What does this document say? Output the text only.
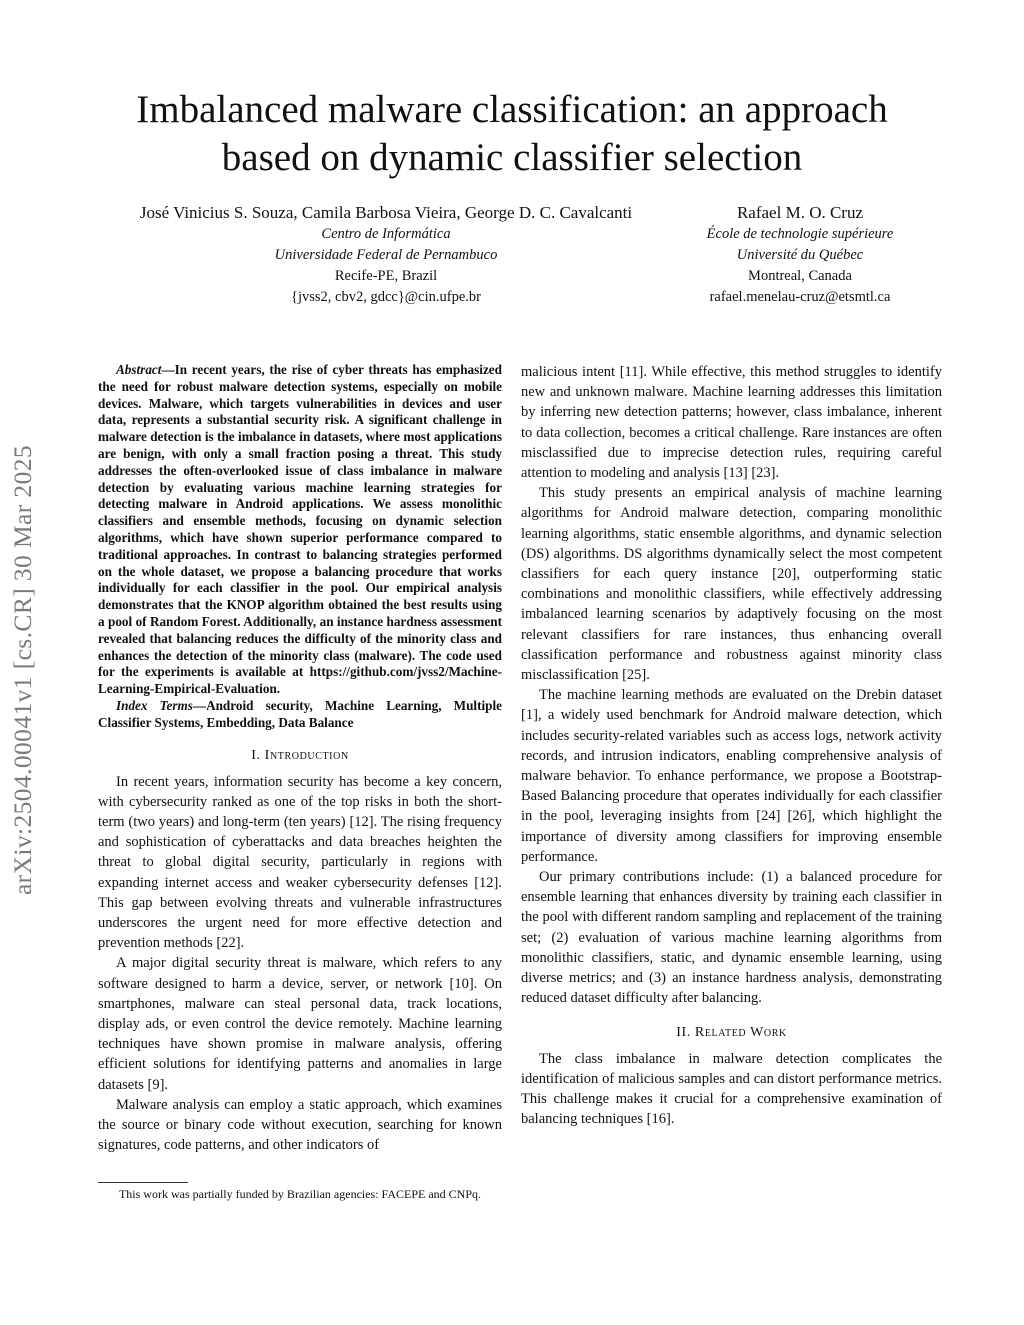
arXiv:2504.00041v1 [cs.CR] 30 Mar 2025
Imbalanced malware classification: an approach
based on dynamic classifier selection
José Vinicius S. Souza, Camila Barbosa Vieira, George D. C. Cavalcanti
Centro de Informática
Universidade Federal de Pernambuco
Recife-PE, Brazil
{jvss2, cbv2, gdcc}@cin.ufpe.br
Rafael M. O. Cruz
École de technologie supérieure
Université du Québec
Montreal, Canada
rafael.menelau-cruz@etsmtl.ca

Abstract—In recent years, the rise of cyber threats has emphasized the need for robust malware detection systems, especially on mobile devices. Malware, which targets vulnerabilities in devices and user data, represents a substantial security risk. A significant challenge in malware detection is the imbalance in datasets, where most applications are benign, with only a small fraction posing a threat. This study addresses the often-overlooked issue of class imbalance in malware detection by evaluating various machine learning strategies for detecting malware in Android applications. We assess monolithic classifiers and ensemble methods, focusing on dynamic selection algorithms, which have shown superior performance compared to traditional approaches. In contrast to balancing strategies performed on the whole dataset, we propose a balancing procedure that works individually for each classifier in the pool. Our empirical analysis demonstrates that the KNOP algorithm obtained the best results using a pool of Random Forest. Additionally, an instance hardness assessment revealed that balancing reduces the difficulty of the minority class and enhances the detection of the minority class (malware). The code used for the experiments is available at https://github.com/jvss2/Machine-Learning-Empirical-Evaluation.

Index Terms—Android security, Machine Learning, Multiple Classifier Systems, Embedding, Data Balance

I. Introduction

In recent years, information security has become a key concern, with cybersecurity ranked as one of the top risks in both the short-term (two years) and long-term (ten years) [12]. The rising frequency and sophistication of cyberattacks and data breaches heighten the threat to global digital security, particularly in regions with expanding internet access and weaker cybersecurity defenses [12]. This gap between evolving threats and vulnerable infrastructures underscores the urgent need for more effective detection and prevention methods [22].

A major digital security threat is malware, which refers to any software designed to harm a device, server, or network [10]. On smartphones, malware can steal personal data, track locations, display ads, or even control the device remotely. Machine learning techniques have shown promise in malware analysis, offering efficient solutions for identifying patterns and anomalies in large datasets [9].

Malware analysis can employ a static approach, which examines the source or binary code without execution, searching for known signatures, code patterns, and other indicators of

This work was partially funded by Brazilian agencies: FACEPE and CNPq.

malicious intent [11]. While effective, this method struggles to identify new and unknown malware. Machine learning addresses this limitation by inferring new detection patterns; however, class imbalance, inherent to data collection, becomes a critical challenge. Rare instances are often misclassified due to imprecise detection rules, requiring careful attention to modeling and analysis [13] [23].

This study presents an empirical analysis of machine learning algorithms for Android malware detection, comparing monolithic learning algorithms, static ensemble algorithms, and dynamic selection (DS) algorithms. DS algorithms dynamically select the most competent classifiers for each query instance [20], outperforming static combinations and monolithic classifiers, while effectively addressing imbalanced learning scenarios by adaptively focusing on the most relevant classifiers for rare instances, thus enhancing overall classification performance and robustness against minority class misclassification [25].

The machine learning methods are evaluated on the Drebin dataset [1], a widely used benchmark for Android malware detection, which includes security-related variables such as access logs, network activity records, and intrusion indicators, enabling comprehensive analysis of malware behavior. To enhance performance, we propose a Bootstrap-Based Balancing procedure that operates individually for each classifier in the pool, leveraging insights from [24] [26], which highlight the importance of diversity among classifiers for improving ensemble performance.

Our primary contributions include: (1) a balanced procedure for ensemble learning that enhances diversity by training each classifier in the pool with different random sampling and replacement of the training set; (2) evaluation of various machine learning algorithms from monolithic classifiers, static, and dynamic ensemble learning, using diverse metrics; and (3) an instance hardness analysis, demonstrating reduced dataset difficulty after balancing.

II. Related Work

The class imbalance in malware detection complicates the identification of malicious samples and can distort performance metrics. This challenge makes it crucial for a comprehensive examination of balancing techniques [16].
